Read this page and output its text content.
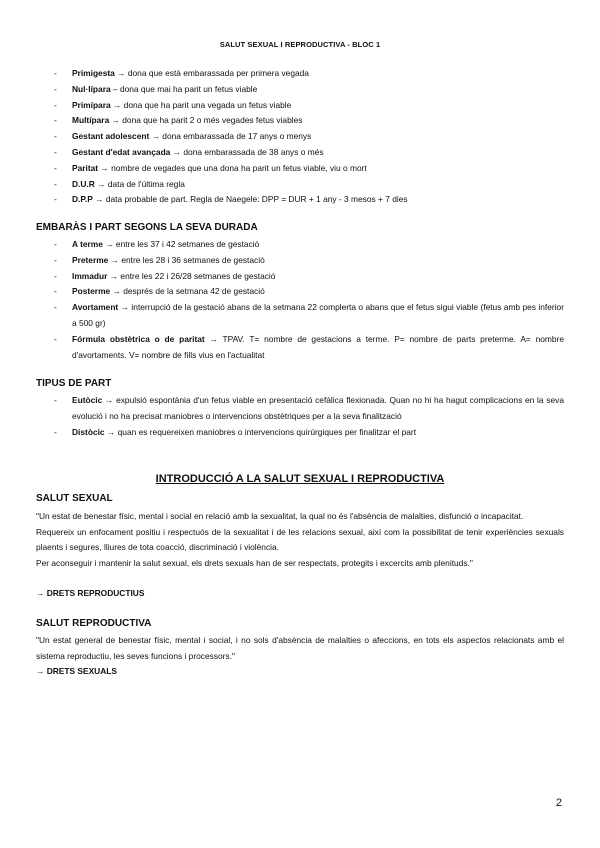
SALUT SEXUAL I REPRODUCTIVA - BLOC 1
- Primigesta → dona que està embarassada per primera vegada
- Nul·lípara – dona que mai ha parit un fetus viable
- Primípara → dona que ha parit una vegada un fetus viable
- Multípara → dona que ha parit 2 o més vegades fetus viables
- Gestant adolescent → dona embarassada de 17 anys o menys
- Gestant d'edat avançada → dona embarassada de 38 anys o més
- Paritat → nombre de vegades que una dona ha parit un fetus viable, viu o mort
- D.U.R → data de l'última regla
- D.P.P → data probable de part. Regla de Naegele: DPP = DUR + 1 any - 3 mesos + 7 dies
EMBARÀS I PART SEGONS LA SEVA DURADA
- A terme → entre les 37 i 42 setmanes de gestació
- Preterme → entre les 28 i 36 setmanes de gestació
- Immadur → entre les 22 i 26/28 setmanes de gestació
- Posterme → després de la setmana 42 de gestació
- Avortament → interrupció de la gestació abans de la setmana 22 complerta o abans que el fetus sigui viable (fetus amb pes inferior a 500 gr)
- Fórmula obstètrica o de paritat → TPAV. T= nombre de gestacions a terme. P= nombre de parts preterme. A= nombre d'avortaments. V= nombre de fills vius en l'actualitat
TIPUS DE PART
- Eutòcic → expulsió espontània d'un fetus viable en presentació cefàlica flexionada. Quan no hi ha hagut complicacions en la seva evolució i no ha precisat maniobres o intervencions obstètriques per a la seva finalització
- Distòcic → quan es requereixen maniobres o intervencions quirúrgiques per finalitzar el part
INTRODUCCIÓ A LA SALUT SEXUAL I REPRODUCTIVA
SALUT SEXUAL
"Un estat de benestar físic, mental i social en relació amb la sexualitat, la qual no és l'absència de malalties, disfunció o incapacitat.
Requereix un enfocament positiu i respectuós de la sexualitat i de les relacions sexual, així com la possibilitat de tenir experiències sexuals plaents i segures, lliures de tota coacció, discriminació i violència.
Per aconseguir i mantenir la salut sexual, els drets sexuals han de ser respectats, protegits i excercits amb plenituds."
→ DRETS REPRODUCTIUS
SALUT REPRODUCTIVA
"Un estat general de benestar físic, mental i social, i no sols d'absència de malalties o afeccions, en tots els aspectos relacionats amb el sistema reproductiu, les seves funcions i processors."
→ DRETS SEXUALS
2
